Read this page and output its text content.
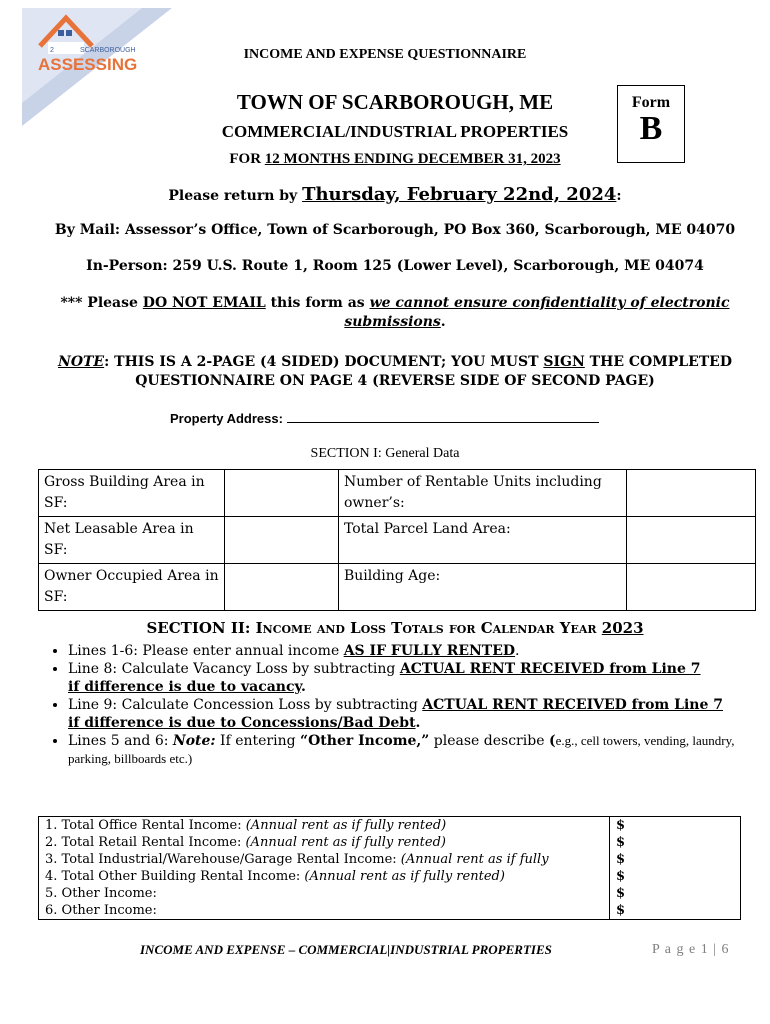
2	SCARBOROUGH
ASSESSING
INCOME AND EXPENSE QUESTIONNAIRE
TOWN OF SCARBOROUGH, ME
COMMERCIAL/INDUSTRIAL PROPERTIES
FOR 12 MONTHS ENDING DECEMBER 31, 2023
Form
B
Please return by Thursday, February 22nd, 2024:
By Mail: Assessor’s Office, Town of Scarborough, PO Box 360, Scarborough, ME 04070
In-Person: 259 U.S. Route 1, Room 125 (Lower Level), Scarborough, ME 04074
*** Please DO NOT EMAIL this form as we cannot ensure confidentiality of electronic submissions.
NOTE: THIS IS A 2-PAGE (4 SIDED) DOCUMENT; YOU MUST SIGN THE COMPLETED QUESTIONNAIRE ON PAGE 4 (REVERSE SIDE OF SECOND PAGE)
Property Address:
SECTION I: General Data
Gross Building Area in SF:		Number of Rentable Units including owner’s:	
Net Leasable Area in SF:		Total Parcel Land Area:	
Owner Occupied Area in SF:		Building Age:	
SECTION II: Income and Loss Totals for Calendar Year 2023
• Lines 1-6: Please enter annual income AS IF FULLY RENTED.
• Line 8: Calculate Vacancy Loss by subtracting ACTUAL RENT RECEIVED from Line 7
if difference is due to vacancy.
• Line 9: Calculate Concession Loss by subtracting ACTUAL RENT RECEIVED from Line 7
if difference is due to Concessions/Bad Debt.
• Lines 5 and 6: Note: If entering “Other Income,” please describe (e.g., cell towers, vending, laundry, parking, billboards etc.)
1. Total Office Rental Income: (Annual rent as if fully rented)	$
2. Total Retail Rental Income: (Annual rent as if fully rented)	$
3. Total Industrial/Warehouse/Garage Rental Income: (Annual rent as if fully	$
4. Total Other Building Rental Income: (Annual rent as if fully rented)	$
5. Other Income:	$
6. Other Income:	$
INCOME AND EXPENSE – COMMERCIAL|INDUSTRIAL PROPERTIES	P a g e 1 | 6
